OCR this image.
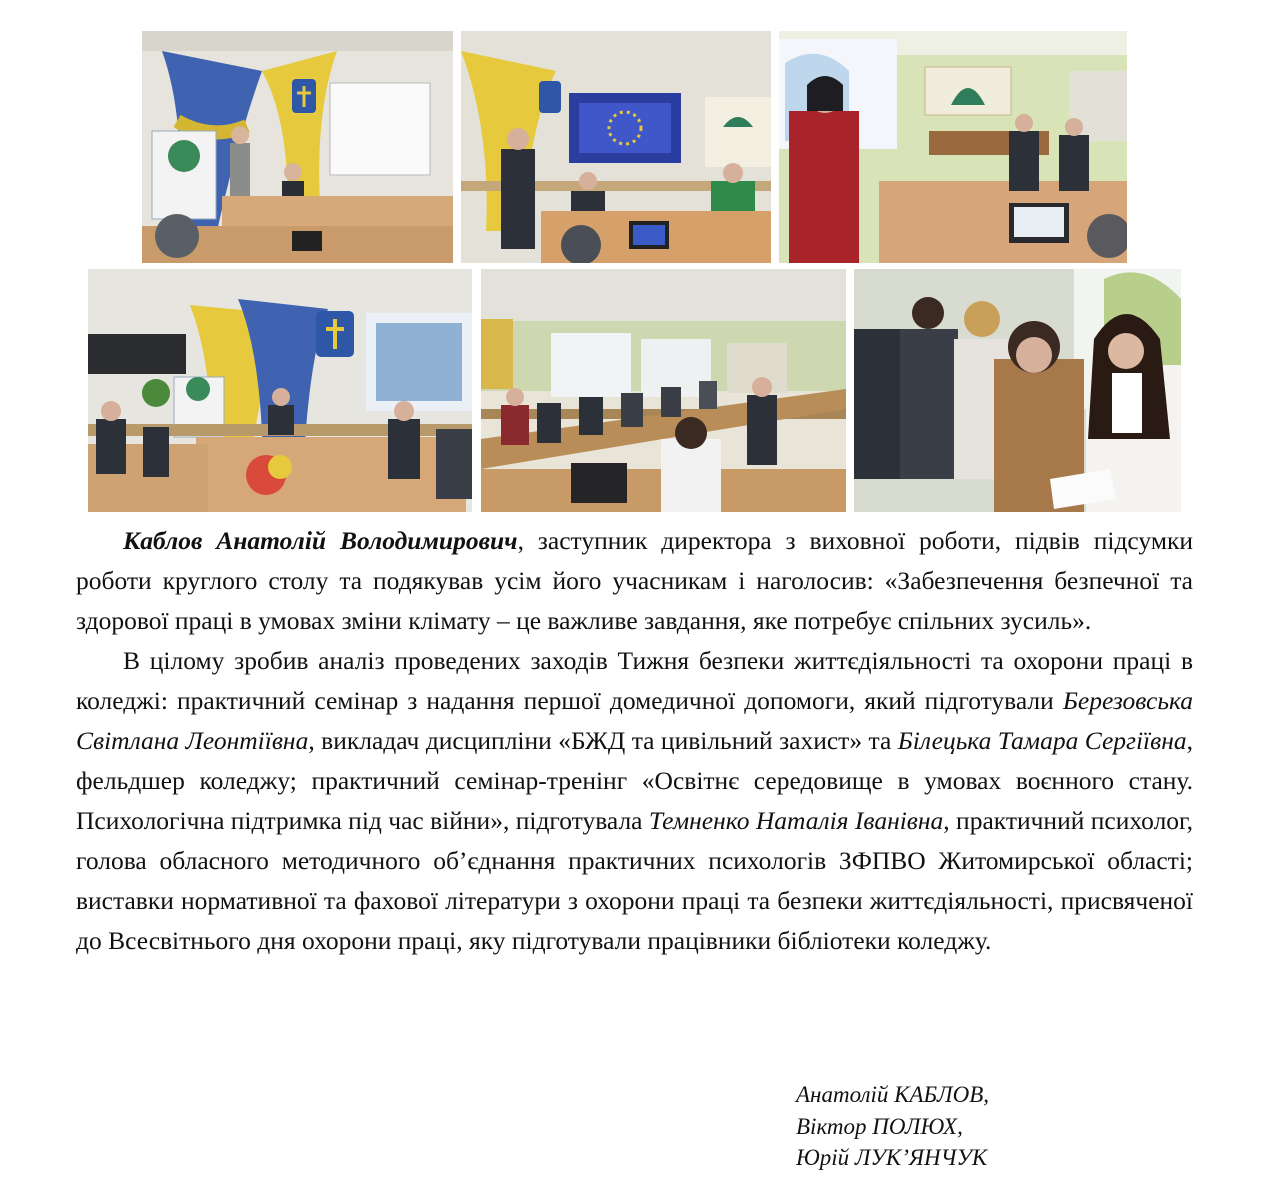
Каблов Анатолій Володимирович, заступник директора з виховної роботи, підвів підсумки роботи круглого столу та подякував усім його учасникам і наголосив: «Забезпечення безпечної та здорової праці в умовах зміни клімату – це важливе завдання, яке потребує спільних зусиль».

В цілому зробив аналіз проведених заходів Тижня безпеки життєдіяльності та охорони праці в коледжі: практичний семінар з надання першої домедичної допомоги, який підготували Березовська Світлана Леонтіївна, викладач дисципліни «БЖД та цивільний захист» та Білецька Тамара Сергіївна, фельдшер коледжу; практичний семінар-тренінг «Освітнє середовище в умовах воєнного стану. Психологічна підтримка під час війни», підготувала Темненко Наталія Іванівна, практичний психолог, голова обласного методичного об’єднання практичних психологів ЗФПВО Житомирської області; виставки нормативної та фахової літератури з охорони праці та безпеки життєдіяльності, присвяченої до Всесвітнього дня охорони праці, яку підготували працівники бібліотеки коледжу.

Анатолій КАБЛОВ,
Віктор ПОЛЮХ,
Юрій ЛУК’ЯНЧУК
